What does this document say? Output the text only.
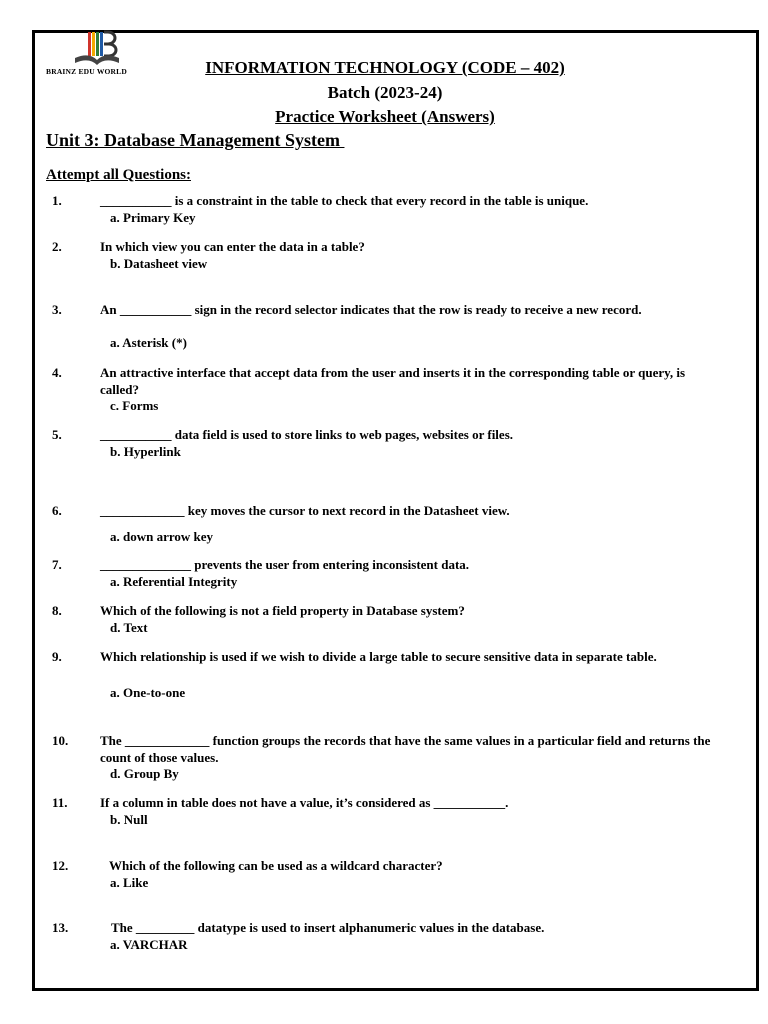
BRAINZ EDU WORLD	INFORMATION TECHNOLOGY (CODE – 402)
Batch (2023-24)
Practice Worksheet (Answers)
Unit 3: Database Management System
Attempt all Questions:
1.	___________ is a constraint in the table to check that every record in the table is unique.
a. Primary Key
2.	In which view you can enter the data in a table?
b. Datasheet view
3.	An ___________ sign in the record selector indicates that the row is ready to receive a new record.
a. Asterisk (*)
4.	An attractive interface that accept data from the user and inserts it in the corresponding table or query, is called?
c. Forms
5.	___________ data field is used to store links to web pages, websites or files.
b. Hyperlink
6.	_____________ key moves the cursor to next record in the Datasheet view.
a. down arrow key
7.	______________ prevents the user from entering inconsistent data.
a. Referential Integrity
8.	Which of the following is not a field property in Database system?
d. Text
9.	Which relationship is used if we wish to divide a large table to secure sensitive data in separate table.
a. One-to-one
10. The _____________ function groups the records that have the same values in a particular field and returns the count of those values.
d. Group By
11. If a column in table does not have a value, it’s considered as ___________.
b. Null
12.	Which of the following can be used as a wildcard character?
a. Like
13.	The _________ datatype is used to insert alphanumeric values in the database.
a. VARCHAR
